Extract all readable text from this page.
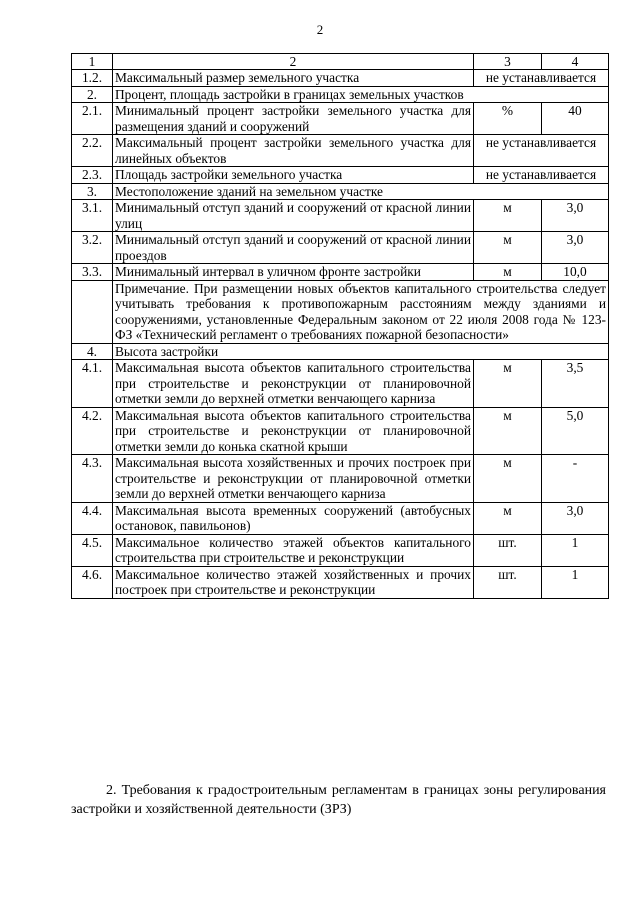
2
1	2	3	4
1.2.	Максимальный размер земельного участка	не устанавливается	
2.	Процент, площадь застройки в границах земельных участков		
2.1.	Минимальный процент застройки земельного участка для размещения зданий и сооружений	%	40
2.2.	Максимальный процент застройки земельного участка для линейных объектов	не устанавливается	
2.3.	Площадь застройки земельного участка	не устанавливается	
3.	Местоположение зданий на земельном участке		
3.1.	Минимальный отступ зданий и сооружений от красной линии улиц	м	3,0
3.2.	Минимальный отступ зданий и сооружений от красной линии проездов	м	3,0
3.3.	Минимальный интервал в уличном фронте застройки	м	10,0
	Примечание. При размещении новых объектов капитального строительства следует учитывать требования к противопожарным расстояниям между зданиями и сооружениями, установленные Федеральным законом от 22 июля 2008 года № 123-ФЗ «Технический регламент о требованиях пожарной безопасности»		
4.	Высота застройки		
4.1.	Максимальная высота объектов капитального строительства при строительстве и реконструкции от планировочной отметки земли до верхней отметки венчающего карниза	м	3,5
4.2.	Максимальная высота объектов капитального строительства при строительстве и реконструкции от планировочной отметки земли до конька скатной крыши	м	5,0
4.3.	Максимальная высота хозяйственных и прочих построек при строительстве и реконструкции от планировочной отметки земли до верхней отметки венчающего карниза	м	-
4.4.	Максимальная высота временных сооружений (автобусных остановок, павильонов)	м	3,0
4.5.	Максимальное количество этажей объектов капитального строительства при строительстве и реконструкции	шт.	1
4.6.	Максимальное количество этажей хозяйственных и прочих построек при строительстве и реконструкции	шт.	1

2. Требования к градостроительным регламентам в границах зоны регулирования застройки и хозяйственной деятельности (ЗРЗ)
